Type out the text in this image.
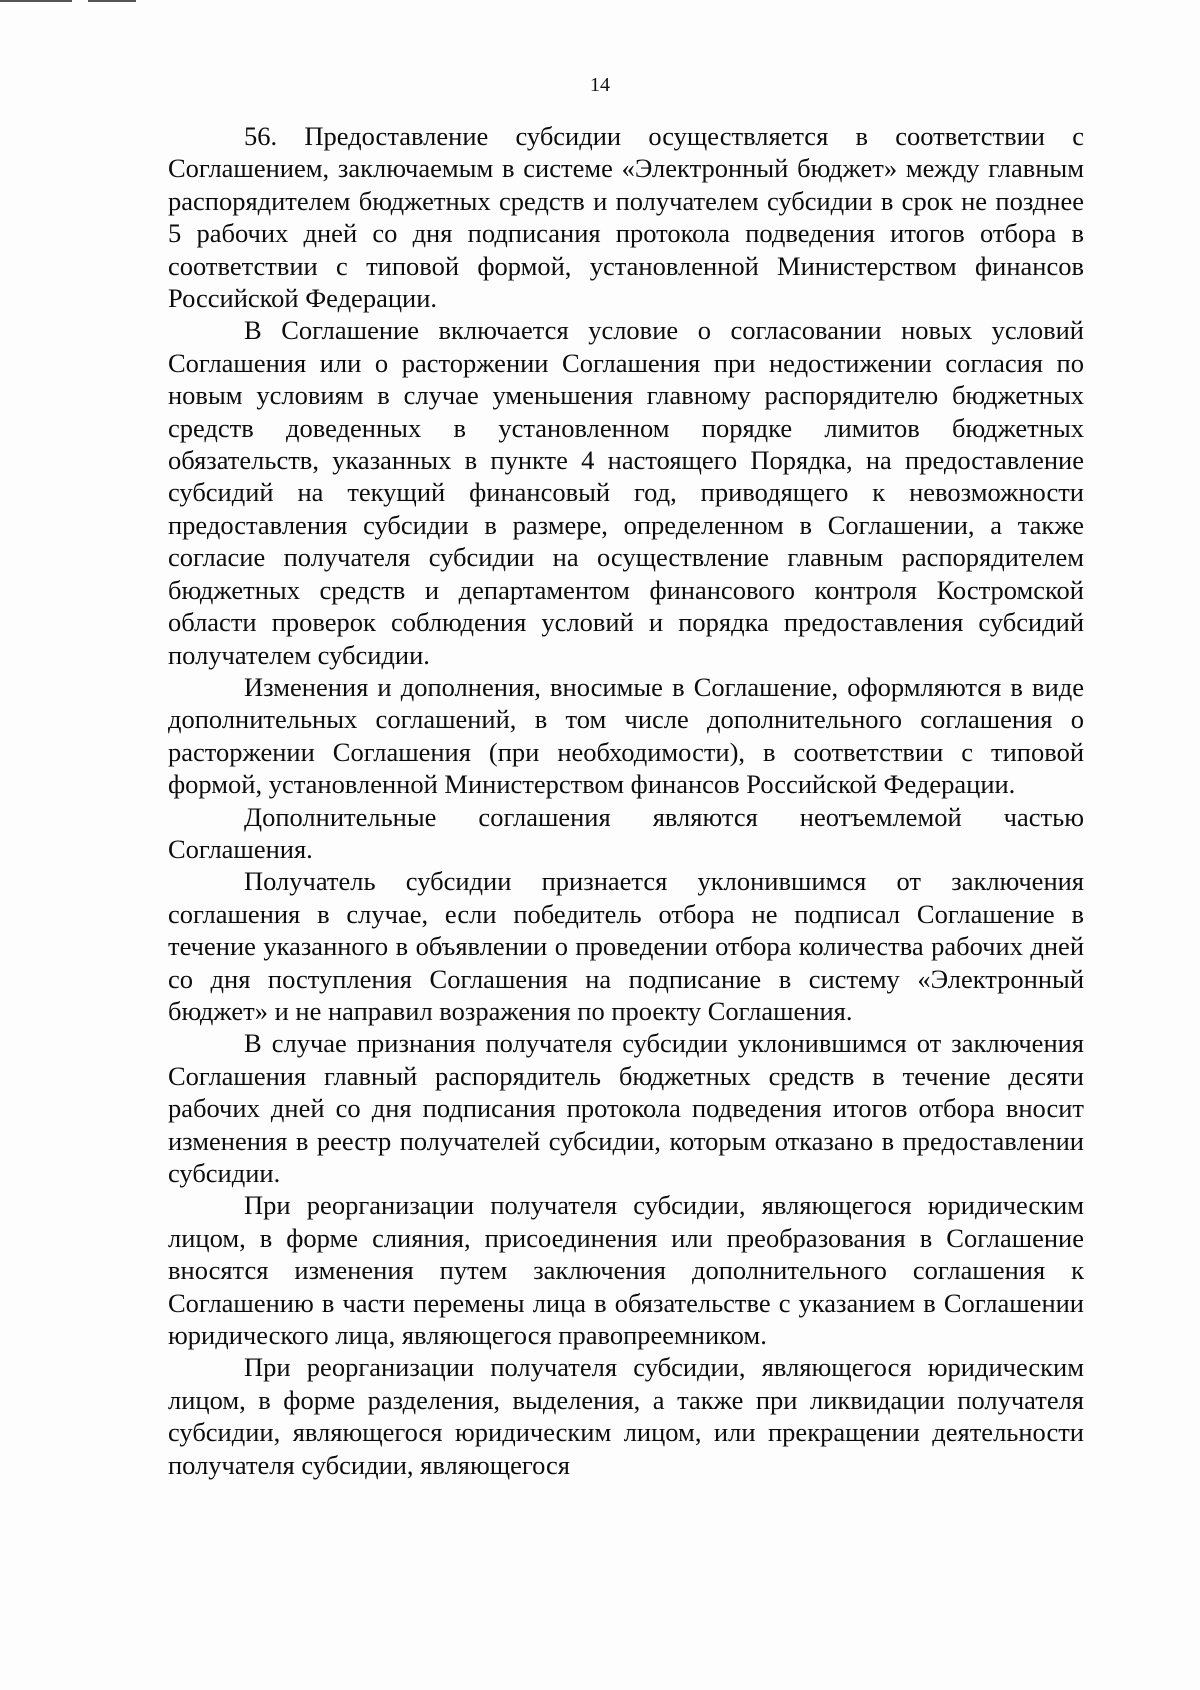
14

56. Предоставление субсидии осуществляется в соответствии с Соглашением, заключаемым в системе «Электронный бюджет» между главным распорядителем бюджетных средств и получателем субсидии в срок не позднее 5 рабочих дней со дня подписания протокола подведения итогов отбора в соответствии с типовой формой, установленной Министерством финансов Российской Федерации.

В Соглашение включается условие о согласовании новых условий Соглашения или о расторжении Соглашения при недостижении согласия по новым условиям в случае уменьшения главному распорядителю бюджетных средств доведенных в установленном порядке лимитов бюджетных обязательств, указанных в пункте 4 настоящего Порядка, на предоставление субсидий на текущий финансовый год, приводящего к невозможности предоставления субсидии в размере, определенном в Соглашении, а также согласие получателя субсидии на осуществление главным распорядителем бюджетных средств и департаментом финансового контроля Костромской области проверок соблюдения условий и порядка предоставления субсидий получателем субсидии.

Изменения и дополнения, вносимые в Соглашение, оформляются в виде дополнительных соглашений, в том числе дополнительного соглашения о расторжении Соглашения (при необходимости), в соответствии с типовой формой, установленной Министерством финансов Российской Федерации.

Дополнительные соглашения являются неотъемлемой частью Соглашения.

Получатель субсидии признается уклонившимся от заключения соглашения в случае, если победитель отбора не подписал Соглашение в течение указанного в объявлении о проведении отбора количества рабочих дней со дня поступления Соглашения на подписание в систему «Электронный бюджет» и не направил возражения по проекту Соглашения.

В случае признания получателя субсидии уклонившимся от заключения Соглашения главный распорядитель бюджетных средств в течение десяти рабочих дней со дня подписания протокола подведения итогов отбора вносит изменения в реестр получателей субсидии, которым отказано в предоставлении субсидии.

При реорганизации получателя субсидии, являющегося юридическим лицом, в форме слияния, присоединения или преобразования в Соглашение вносятся изменения путем заключения дополнительного соглашения к Соглашению в части перемены лица в обязательстве с указанием в Соглашении юридического лица, являющегося правопреемником.

При реорганизации получателя субсидии, являющегося юридическим лицом, в форме разделения, выделения, а также при ликвидации получателя субсидии, являющегося юридическим лицом, или прекращении деятельности получателя субсидии, являющегося
